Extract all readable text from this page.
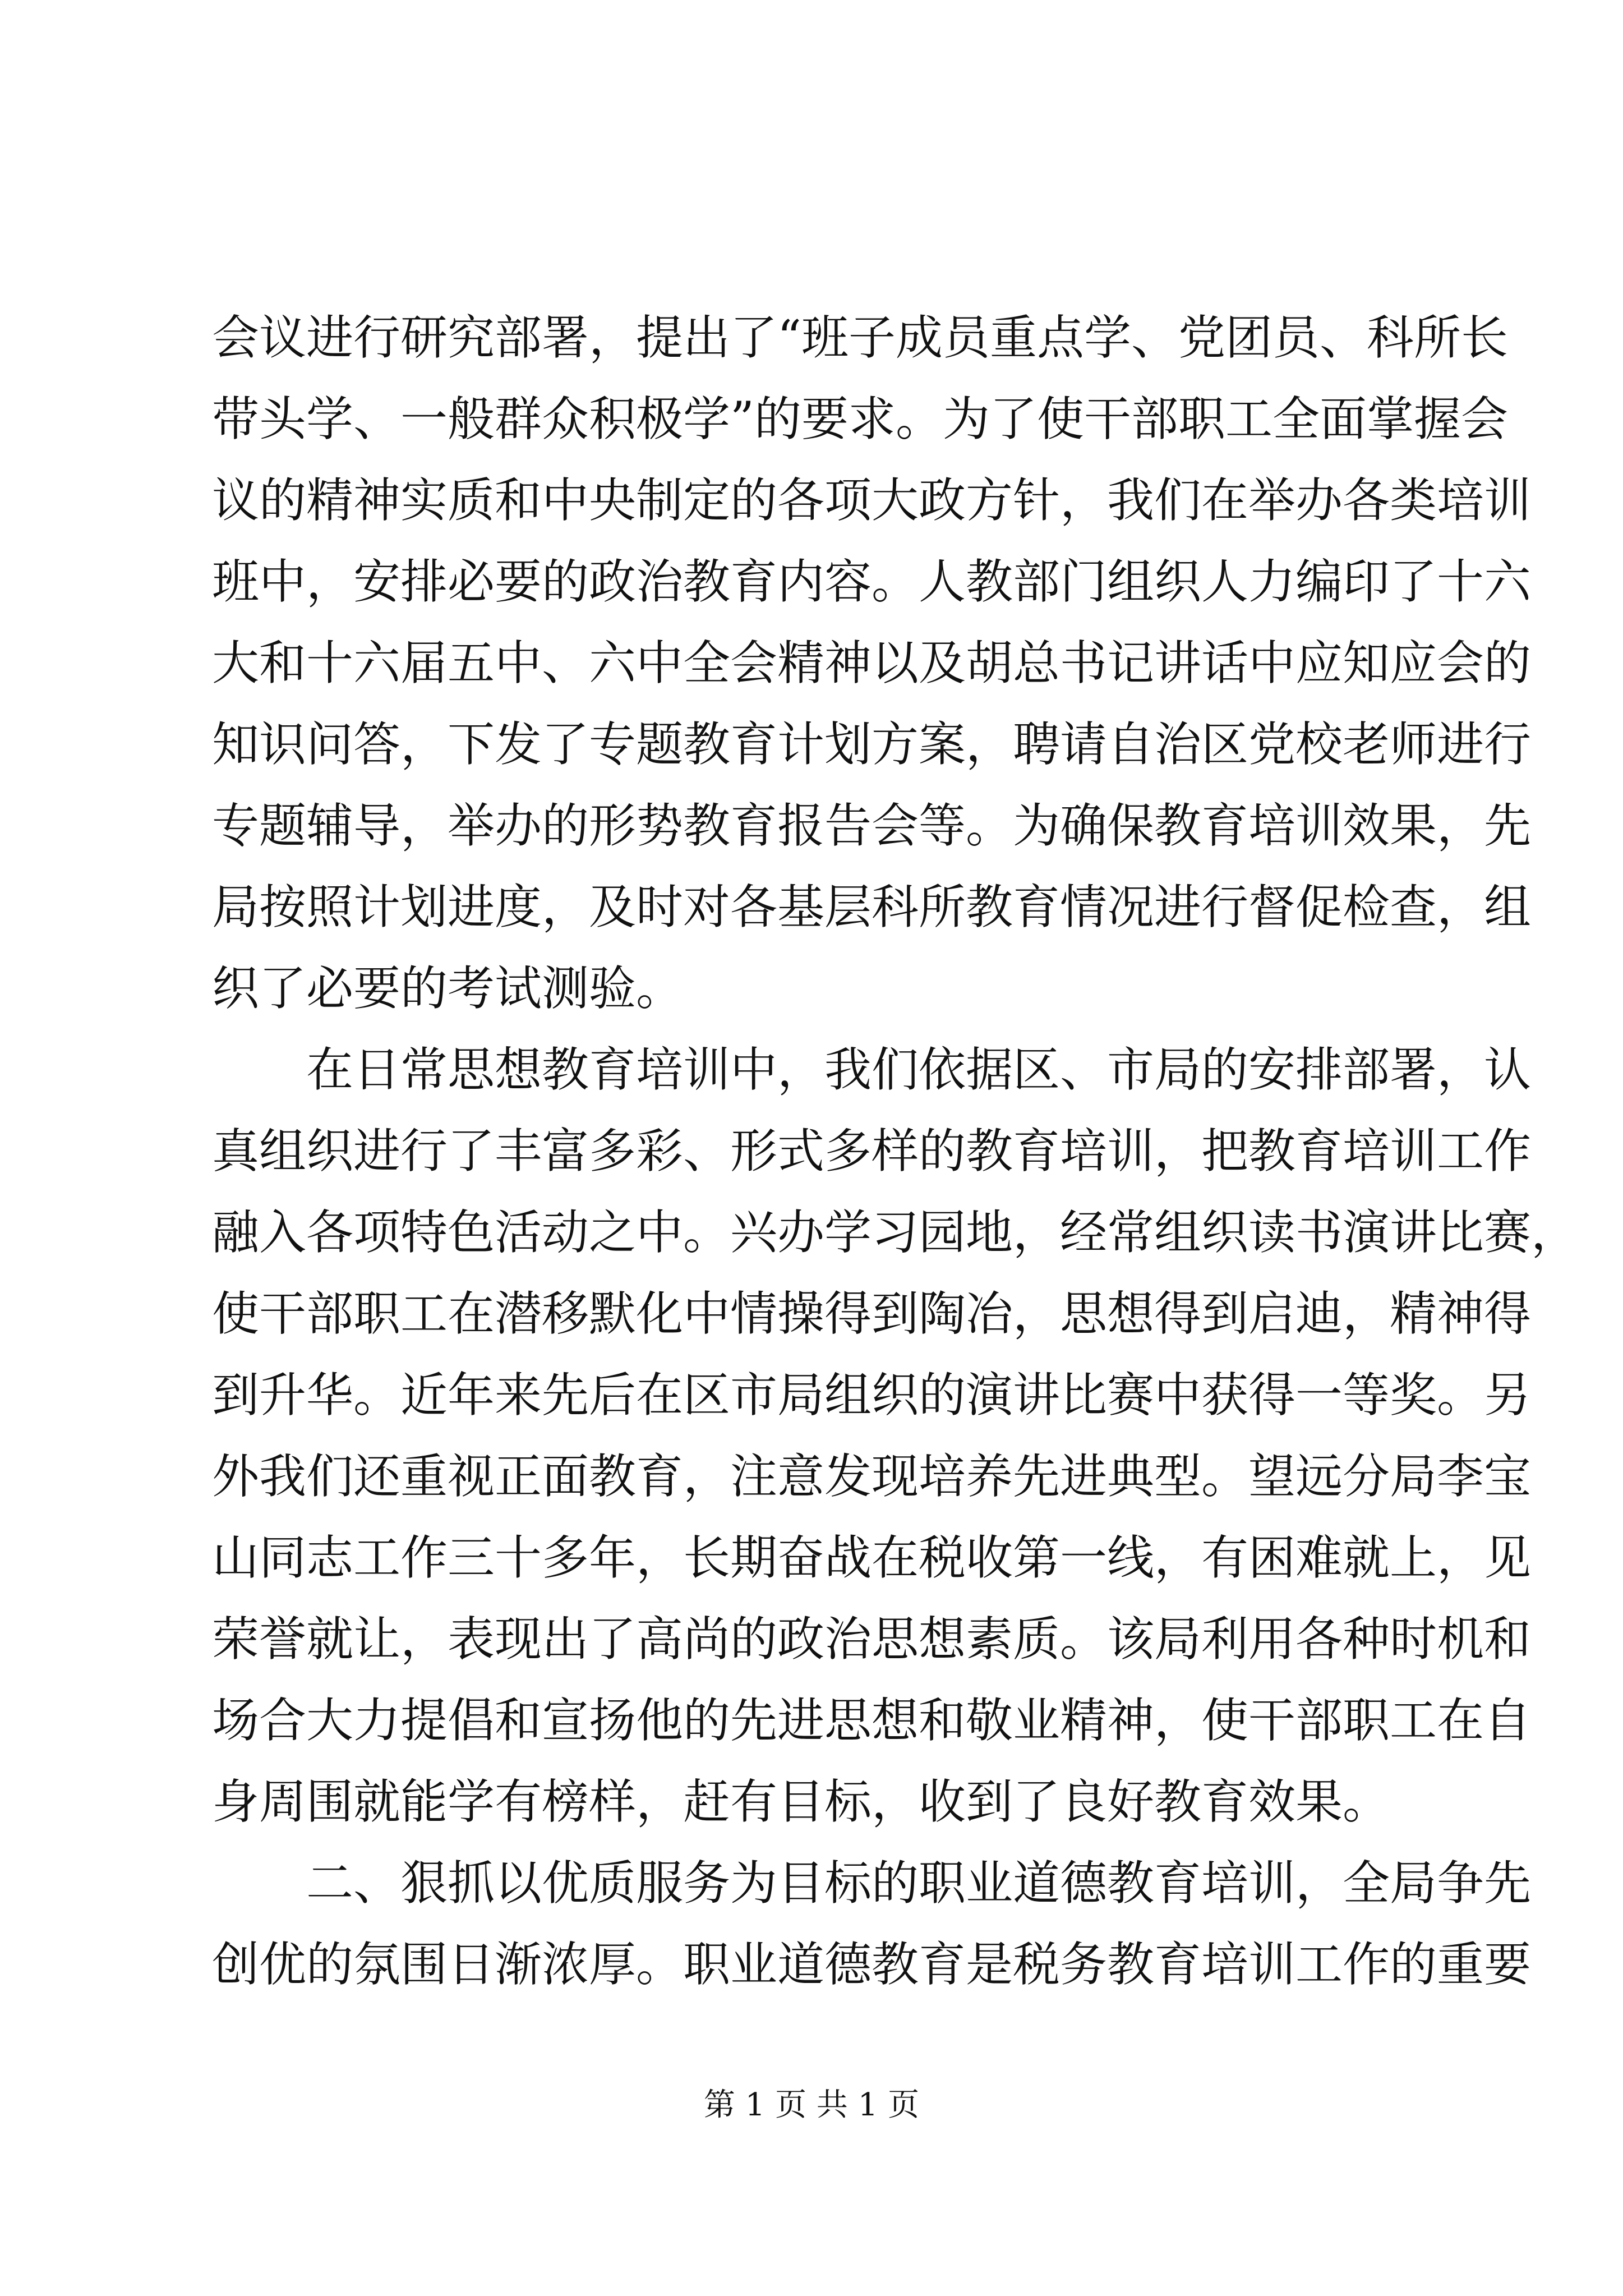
会议进行研究部署，提出了“班子成员重点学、党团员、科所长
带头学、一般群众积极学”的要求。为了使干部职工全面掌握会
议的精神实质和中央制定的各项大政方针，我们在举办各类培训
班中，安排必要的政治教育内容。人教部门组织人力编印了十六
大和十六届五中、六中全会精神以及胡总书记讲话中应知应会的
知识问答，下发了专题教育计划方案，聘请自治区党校老师进行
专题辅导，举办的形势教育报告会等。为确保教育培训效果，先
局按照计划进度，及时对各基层科所教育情况进行督促检查，组
织了必要的考试测验。
在日常思想教育培训中，我们依据区、市局的安排部署，认
真组织进行了丰富多彩、形式多样的教育培训，把教育培训工作
融入各项特色活动之中。兴办学习园地，经常组织读书演讲比赛，
使干部职工在潜移默化中情操得到陶冶，思想得到启迪，精神得
到升华。近年来先后在区市局组织的演讲比赛中获得一等奖。另
外我们还重视正面教育，注意发现培养先进典型。望远分局李宝
山同志工作三十多年，长期奋战在税收第一线，有困难就上，见
荣誉就让，表现出了高尚的政治思想素质。该局利用各种时机和
场合大力提倡和宣扬他的先进思想和敬业精神，使干部职工在自
身周围就能学有榜样，赶有目标，收到了良好教育效果。
二、狠抓以优质服务为目标的职业道德教育培训，全局争先
创优的氛围日渐浓厚。职业道德教育是税务教育培训工作的重要
第 1 页 共 1 页
